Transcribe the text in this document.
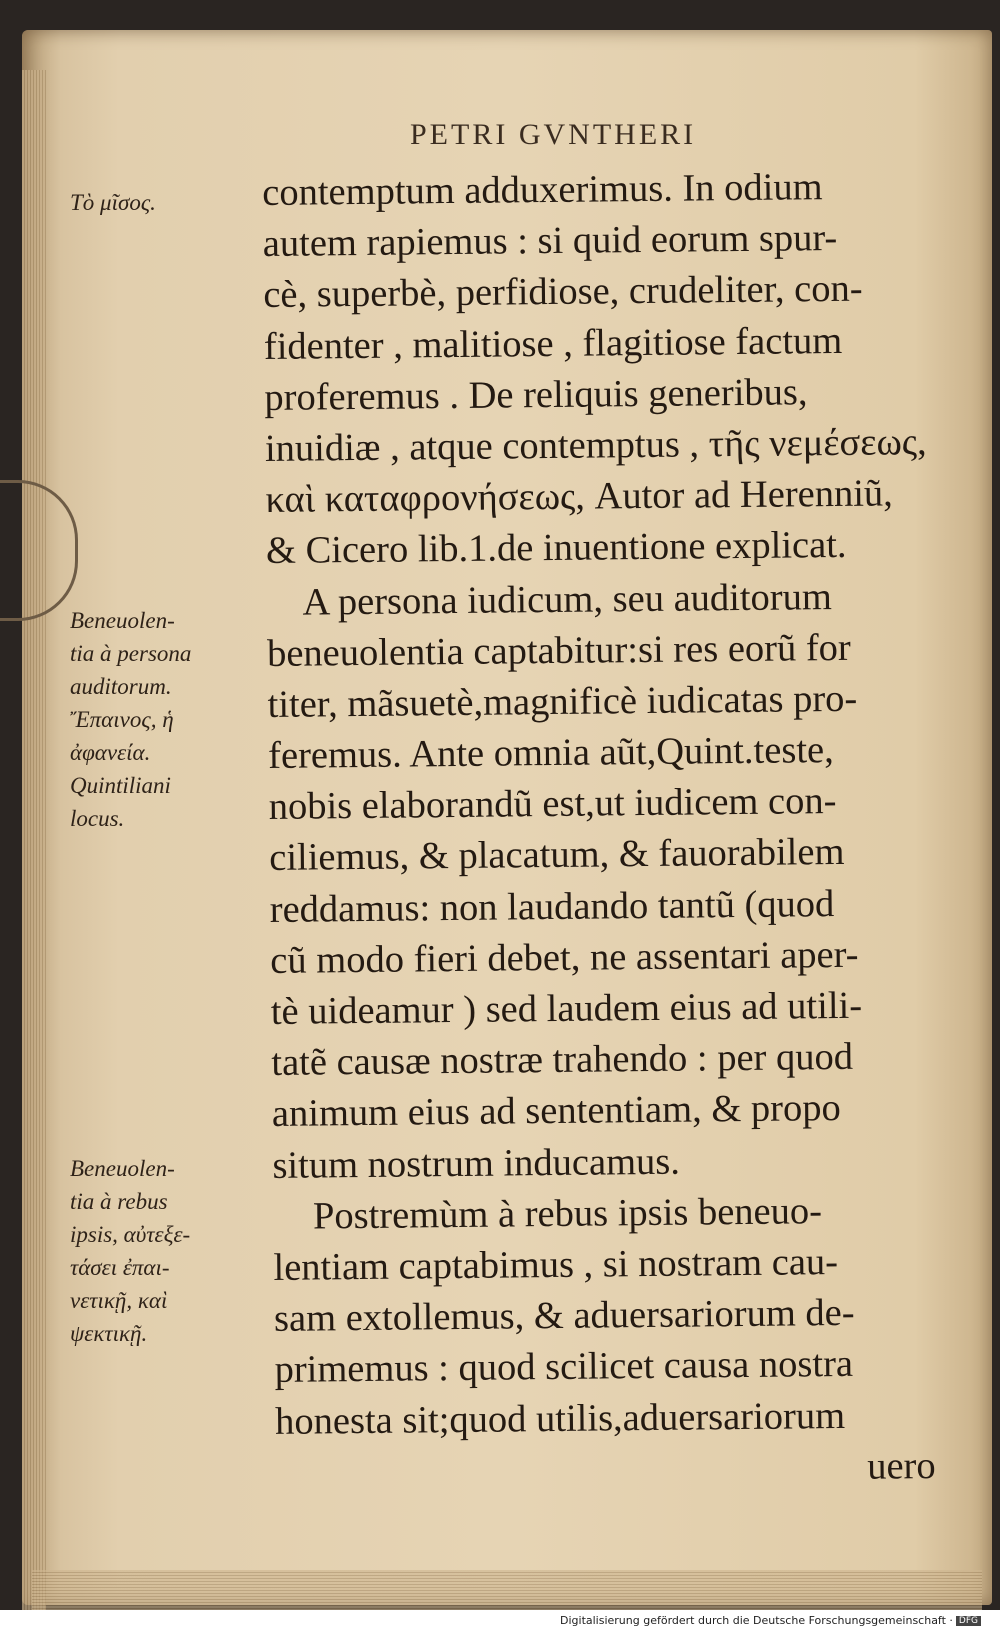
PETRI GVNTHERI
contemptum adduxerimus. In odium
autem rapiemus : si quid eorum spur-
cè, superbè, perfidiose, crudeliter, con-
fidenter , malitiose , flagitiose factum
proferemus . De reliquis generibus,
inuidiæ , atque contemptus , τῆς νεμέσεως,
καὶ καταφρονήσεως, Autor ad Herenniũ,
& Cicero lib.1.de inuentione explicat.
A persona iudicum, seu auditorum
beneuolentia captabitur:si res eorũ for
titer, mãsuetè,magnificè iudicatas pro-
feremus. Ante omnia aũt,Quint.teste,
nobis elaborandũ est,ut iudicem con-
ciliemus, & placatum, & fauorabilem
reddamus: non laudando tantũ (quod
cũ modo fieri debet, ne assentari aper-
tè uideamur ) sed laudem eius ad utili-
tatẽ causæ nostræ trahendo : per quod
animum eius ad sententiam, & propo
situm nostrum inducamus.
Postremùm à rebus ipsis beneuo-
lentiam captabimus , si nostram cau-
sam extollemus, & aduersariorum de-
primemus : quod scilicet causa nostra
honesta sit;quod utilis,aduersariorum
uero
Τὸ μῖσος.
Beneuolen-
tia à persona
auditorum.
Ἔπαινος, ἡ
ἀφανεία.
Quintiliani
locus.
Beneuolen-
tia à rebus
ipsis, αὐτεξε-
τάσει ἐπαι-
νετικῇ, καὶ
ψεκτικῇ.
Digitalisierung gefördert durch die Deutsche Forschungsgemeinschaft · DFG
